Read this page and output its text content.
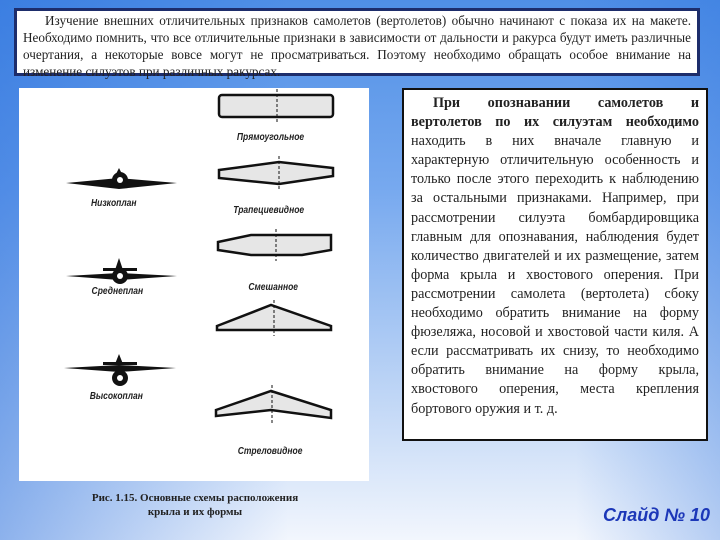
Изучение внешних отличительных признаков самолетов (вертолетов) обычно начинают с показа их на макете. Необходимо помнить, что все отличительные признаки в зависимости от дальности и ракурса будут иметь различные очертания, а некоторые вовсе могут не просматриваться. Поэтому необходимо обращать особое внимание на изменение силуэтов при различных ракурсах.
Низкоплан
Среднеплан
Высокоплан
Прямоугольное
Трапециевидное
Смешанное
Стреловидное
Рис. 1.15. Основные схемы расположения
крыла и их формы
При опознавании самолетов и вертолетов по их силуэтам необходимо находить в них вначале главную и характерную отличительную особенность и только после этого переходить к наблюдению за остальными признаками. Например, при рассмотрении силуэта бомбардировщика главным для опознавания, наблюдения будет количество двигателей и их размещение, затем форма крыла и хвостового оперения. При рассмотрении самолета (вертолета) сбоку необходимо обратить внимание на форму фюзеляжа, носовой и хвостовой части киля. А если рассматривать их снизу, то необходимо обратить внимание на форму крыла, хвостового оперения, места крепления бортового оружия и т. д.
Слайд № 10
